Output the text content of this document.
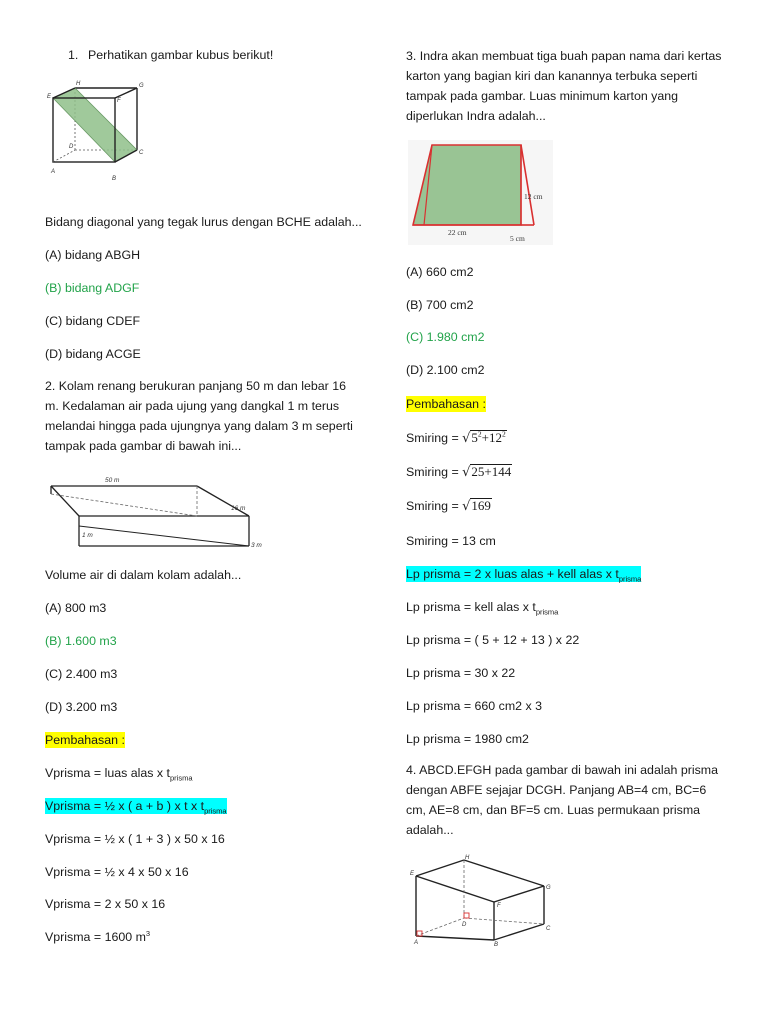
1. Perhatikan gambar kubus berikut!
H	G
E
F
D
C
A
B
Bidang diagonal yang tegak lurus dengan BCHE adalah...
(A) bidang ABGH
(B) bidang ADGF
(C) bidang CDEF
(D) bidang ACGE
2. Kolam renang berukuran panjang 50 m dan lebar 16 m. Kedalaman air pada ujung yang dangkal 1 m terus melandai hingga pada ujungnya yang dalam 3 m seperti tampak pada gambar di bawah ini...
50 m
16 m
1 m
3 m
Volume air di dalam kolam adalah...
(A) 800 m3
(B) 1.600 m3
(C) 2.400 m3
(D) 3.200 m3
Pembahasan :
Vprisma = luas alas x $t_{prisma}$
Vprisma = ½ x ( a + b ) x t x $t_{prisma}$
Vprisma = ½ x ( 1 + 3 ) x 50 x 16
Vprisma = ½ x 4 x 50 x 16
Vprisma = 2 x 50 x 16
Vprisma = 1600 $m^3$
3. Indra akan membuat tiga buah papan nama dari kertas karton yang bagian kiri dan kanannya terbuka seperti tampak pada gambar. Luas minimum karton yang diperlukan Indra adalah...
12 cm
22 cm
5 cm
(A) 660 cm2
(B) 700 cm2
(C) 1.980 cm2
(D) 2.100 cm2
Pembahasan :
Smiring = $√5^2+12^2$
Smiring = √25+144
Smiring = √169
Smiring = 13 cm
Lp prisma = 2 x luas alas + kell alas x $t_{prisma}$
Lp prisma = kell alas x $t_{prisma}$
Lp prisma = ( 5 + 12 + 13 ) x 22
Lp prisma = 30 x 22
Lp prisma = 660 cm2 x 3
Lp prisma = 1980 cm2
4. ABCD.EFGH pada gambar di bawah ini adalah prisma dengan ABFE sejajar DCGH. Panjang AB=4 cm, BC=6 cm, AE=8 cm, dan BF=5 cm. Luas permukaan prisma adalah...
H
G
E
F
D
C
A	B
